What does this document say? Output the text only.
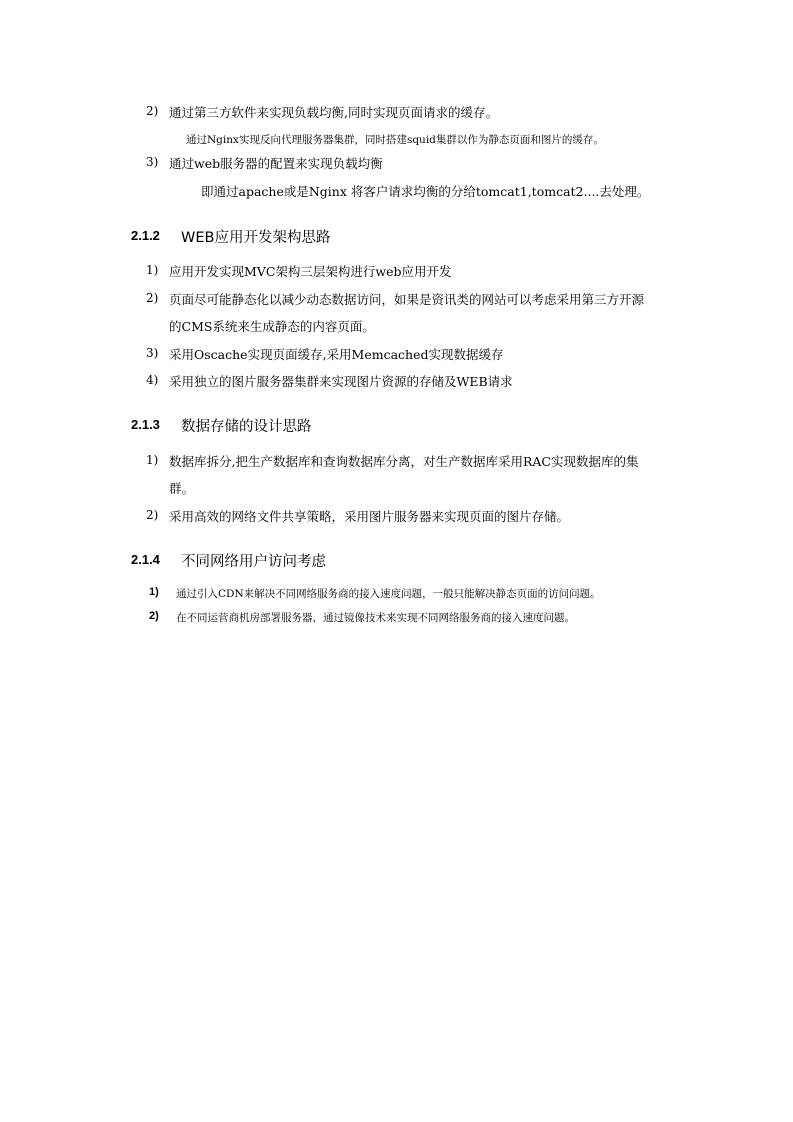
2) 通过第三方软件来实现负载均衡,同时实现页面请求的缓存。
通过Nginx实现反向代理服务器集群，同时搭建squid集群以作为静态页面和图片的缓存。
3) 通过web服务器的配置来实现负载均衡
即通过apache或是Nginx 将客户请求均衡的分给tomcat1,tomcat2....去处理。
2.1.2 WEB应用开发架构思路
1) 应用开发实现MVC架构三层架构进行web应用开发
2) 页面尽可能静态化以减少动态数据访问，如果是资讯类的网站可以考虑采用第三方开源
的CMS系统来生成静态的内容页面。
3) 采用Oscache实现页面缓存,采用Memcached实现数据缓存
4) 采用独立的图片服务器集群来实现图片资源的存储及WEB请求
2.1.3 数据存储的设计思路
1) 数据库拆分,把生产数据库和查询数据库分离，对生产数据库采用RAC实现数据库的集
群。
2) 采用高效的网络文件共享策略，采用图片服务器来实现页面的图片存储。
2.1.4 不同网络用户访问考虑
1) 通过引入CDN来解决不同网络服务商的接入速度问题，一般只能解决静态页面的访问问题。
2) 在不同运营商机房部署服务器，通过镜像技术来实现不同网络服务商的接入速度问题。
